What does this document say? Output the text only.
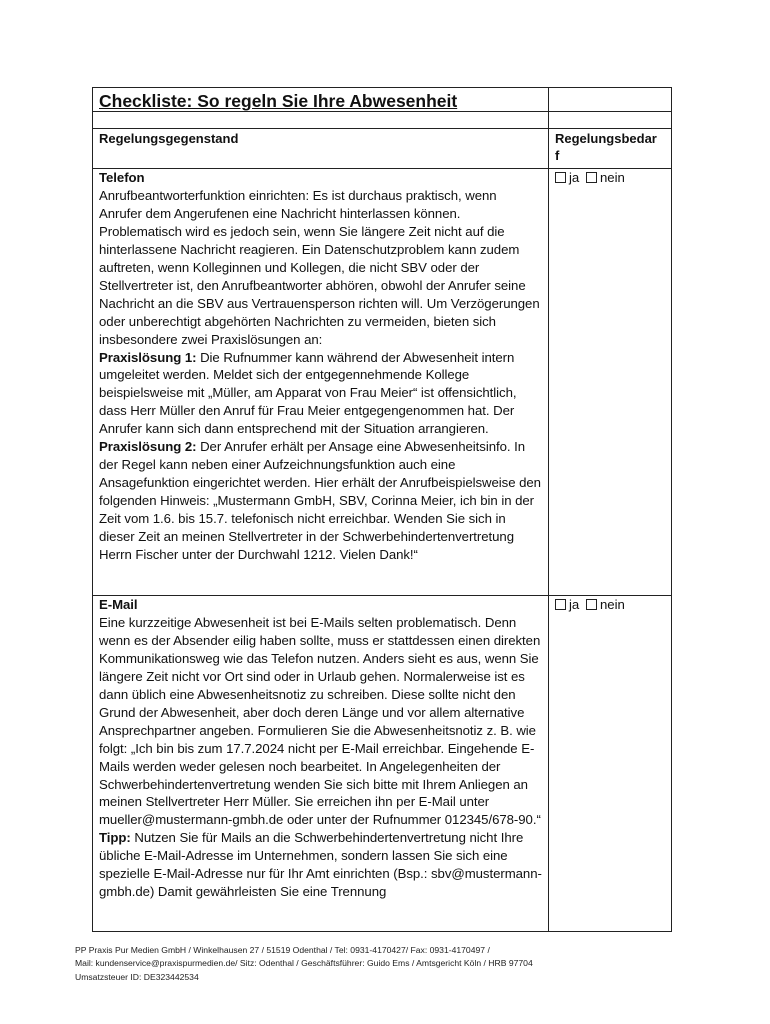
Checkliste: So regeln Sie Ihre Abwesenheit
Regelungsgegenstand	Regelungsbedar
f

Telefon

Anrufbeantworterfunktion einrichten: Es ist durchaus praktisch, wenn Anrufer dem Angerufenen eine Nachricht hinterlassen können. Problematisch wird es jedoch sein, wenn Sie längere Zeit nicht auf die hinterlassene Nachricht reagieren. Ein Datenschutzproblem kann zudem auftreten, wenn Kolleginnen und Kollegen, die nicht SBV oder der Stellvertreter ist, den Anrufbeantworter abhören, obwohl der Anrufer seine Nachricht an die SBV aus Vertrauensperson richten will. Um Verzögerungen oder unberechtigt abgehörten Nachrichten zu vermeiden, bieten sich insbesondere zwei Praxislösungen an:

Praxislösung 1: Die Rufnummer kann während der Abwesenheit intern umgeleitet werden. Meldet sich der entgegennehmende Kollege beispielsweise mit „Müller, am Apparat von Frau Meier“ ist offensichtlich, dass Herr Müller den Anruf für Frau Meier entgegengenommen hat. Der Anrufer kann sich dann entsprechend mit der Situation arrangieren.

Praxislösung 2: Der Anrufer erhält per Ansage eine Abwesenheitsinfo. In der Regel kann neben einer Aufzeichnungsfunktion auch eine Ansagefunktion eingerichtet werden. Hier erhält der Anrufbeispielsweise den folgenden Hinweis: „Mustermann GmbH, SBV, Corinna Meier, ich bin in der Zeit vom 1.6. bis 15.7. telefonisch nicht erreichbar. Wenden Sie sich in dieser Zeit an meinen Stellvertreter in der Schwerbehindertenvertretung Herrn Fischer unter der Durchwahl 1212. Vielen Dank!“

ja nein

E-Mail

Eine kurzzeitige Abwesenheit ist bei E-Mails selten problematisch. Denn wenn es der Absender eilig haben sollte, muss er stattdessen einen direkten Kommunikationsweg wie das Telefon nutzen. Anders sieht es aus, wenn Sie längere Zeit nicht vor Ort sind oder in Urlaub gehen. Normalerweise ist es dann üblich eine Abwesenheitsnotiz zu schreiben. Diese sollte nicht den Grund der Abwesenheit, aber doch deren Länge und vor allem alternative Ansprechpartner angeben. Formulieren Sie die Abwesenheitsnotiz z. B. wie folgt: „Ich bin bis zum 17.7.2024 nicht per E-Mail erreichbar. Eingehende E-Mails werden weder gelesen noch bearbeitet. In Angelegenheiten der Schwerbehindertenvertretung wenden Sie sich bitte mit Ihrem Anliegen an meinen Stellvertreter Herr Müller. Sie erreichen ihn per E-Mail unter mueller@mustermann-gmbh.de oder unter der Rufnummer 012345/678-90.“

Tipp: Nutzen Sie für Mails an die Schwerbehindertenvertretung nicht Ihre übliche E-Mail-Adresse im Unternehmen, sondern lassen Sie sich eine spezielle E-Mail-Adresse nur für Ihr Amt einrichten (Bsp.: sbv@mustermann-gmbh.de) Damit gewährleisten Sie eine Trennung

ja nein
PP Praxis Pur Medien GmbH / Winkelhausen 27 / 51519 Odenthal / Tel: 0931-4170427/ Fax: 0931-4170497 /
Mail: kundenservice@praxispurmedien.de/ Sitz: Odenthal / Geschäftsführer: Guido Ems / Amtsgericht Köln / HRB 97704
Umsatzsteuer ID: DE323442534
